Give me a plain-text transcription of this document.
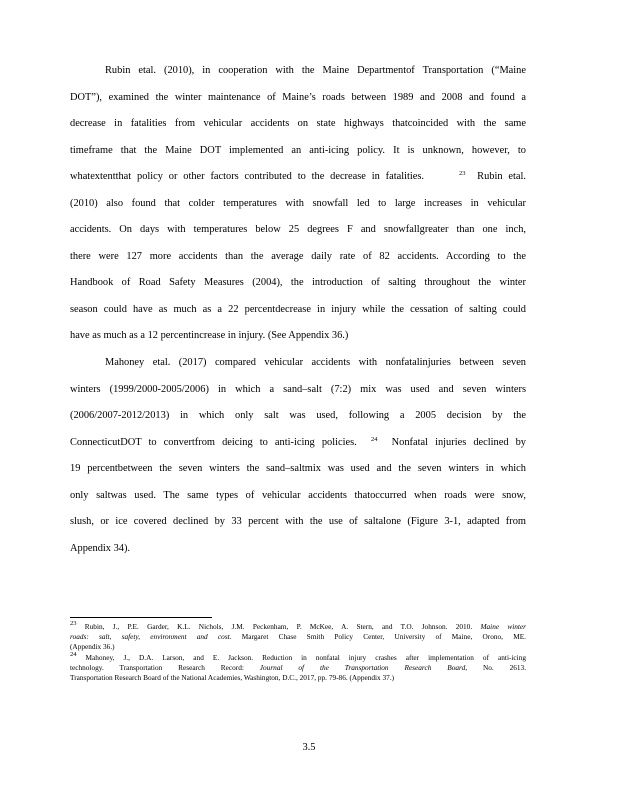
Rubin etal. (2010), in cooperation with the Maine Departmentof Transportation (“Maine
DOT”), examined the winter maintenance of Maine’s roads between 1989 and 2008 and found a
decrease in fatalities from vehicular accidents on state highways thatcoincided with the same
timeframe that the Maine DOT implemented an anti-icing policy. It is unknown, however, to
whatextentthat policy or other factors contributed to the decrease in fatalities.	$^{23}$ Rubin etal.
(2010) also found that colder temperatures with snowfall led to large increases in vehicular
accidents. On days with temperatures below 25 degrees F and snowfallgreater than one inch,
there were 127 more accidents than the average daily rate of 82 accidents. According to the
Handbook of Road Safety Measures (2004), the introduction of salting throughout the winter
season could have as much as a 22 percentdecrease in injury while the cessation of salting could
have as much as a 12 percentincrease in injury. (See Appendix 36.)
Mahoney etal. (2017) compared vehicular accidents with nonfatalinjuries between seven
winters (1999/2000-2005/2006) in which a sand–salt (7:2) mix was used and seven winters
(2006/2007-2012/2013) in which only salt was used, following a 2005 decision by the
ConnecticutDOT to convertfrom deicing to anti-icing policies. $^{24}$ Nonfatal injuries declined by
19 percentbetween the seven winters the sand–saltmix was used and the seven winters in which
only saltwas used. The same types of vehicular accidents thatoccurred when roads were snow,
slush, or ice covered declined by 33 percent with the use of saltalone (Figure 3-1, adapted from
Appendix 34).
$^{23}$ Rubin, J., P.E. Garder, K.L. Nichols, J.M. Peckenham, P. McKee, A. Stern, and T.O. Johnson. 2010. Maine winter
roads: salt, safety, environment and cost. Margaret Chase Smith Policy Center, University of Maine, Orono, ME.
(Appendix 36.)
$^{24}$ Mahoney, J., D.A. Larson, and E. Jackson. Reduction in nonfatal injury crashes after implementation of anti-icing
technology. Transportation Research Record: Journal of the Transportation Research Board, No. 2613.
Transportation Research Board of the National Academies, Washington, D.C., 2017, pp. 79-86. (Appendix 37.)
3.5
